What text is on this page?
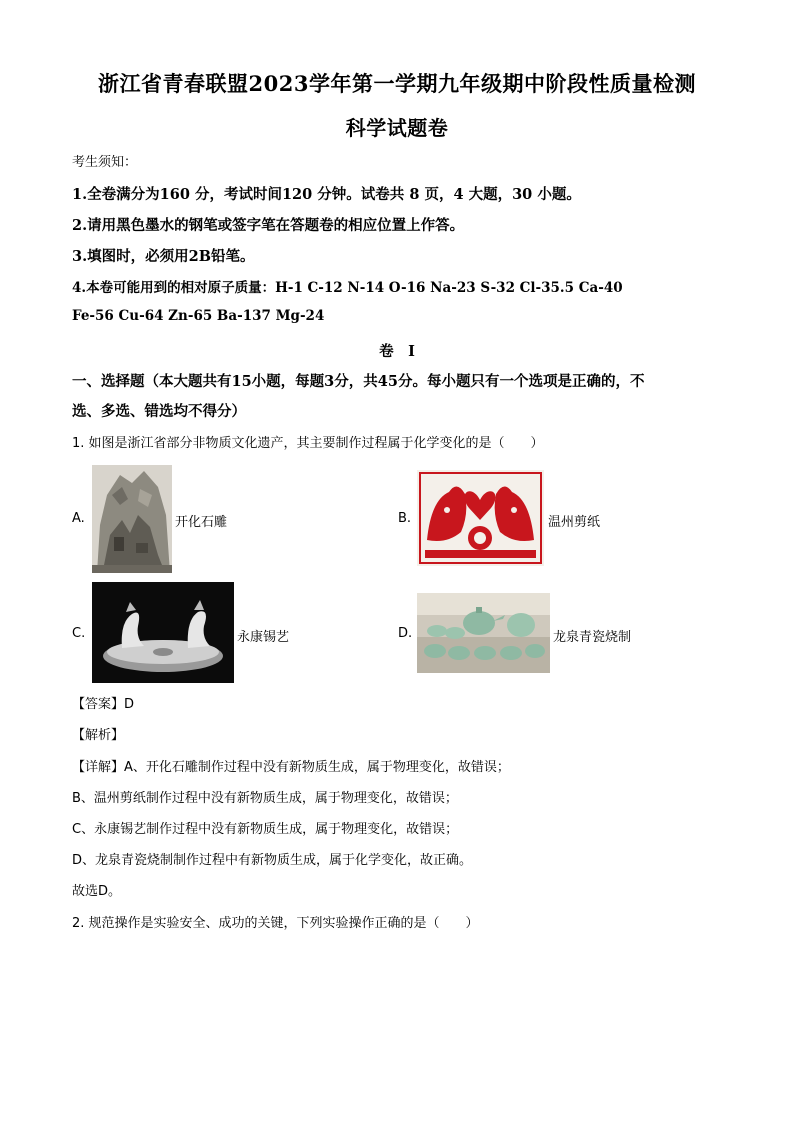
浙江省青春联盟2023学年第一学期九年级期中阶段性质量检测
科学试题卷
考生须知：
1.全卷满分为160 分，考试时间120 分钟。试卷共 8 页，4 大题，30 小题。
2.请用黑色墨水的钢笔或签字笔在答题卷的相应位置上作答。
3.填图时，必须用2B铅笔。
4.本卷可能用到的相对原子质量：H-1 C-12 N-14 O-16 Na-23 S-32 Cl-35.5 Ca-40
Fe-56 Cu-64 Zn-65 Ba-137 Mg-24
卷　I
一、选择题（本大题共有15小题，每题3分，共45分。每小题只有一个选项是正确的，不
选、多选、错选均不得分）
1. 如图是浙江省部分非物质文化遗产，其主要制作过程属于化学变化的是（　　）
A.	开化石雕	B.	温州剪纸
C.	永康锡艺	D.	龙泉青瓷烧制
【答案】D
【解析】
【详解】A、开化石雕制作过程中没有新物质生成，属于物理变化，故错误；
B、温州剪纸制作过程中没有新物质生成，属于物理变化，故错误；
C、永康锡艺制作过程中没有新物质生成，属于物理变化，故错误；
D、龙泉青瓷烧制制作过程中有新物质生成，属于化学变化，故正确。
故选D。
2. 规范操作是实验安全、成功的关键，下列实验操作正确的是（　　）
